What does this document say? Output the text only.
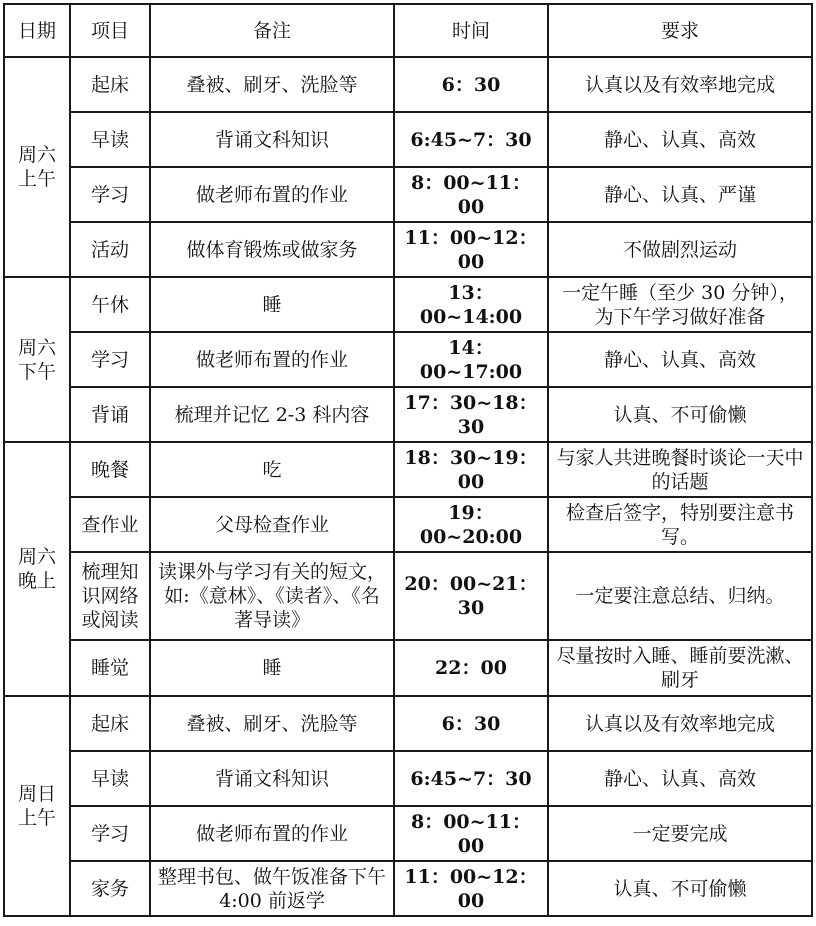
日期	项目	备注	时间	要求

周六
上午	起床	叠被、刷牙、洗脸等	6：30	认真以及有效率地完成
	早读	背诵文科知识	6:45~7：30	静心、认真、高效
	学习	做老师布置的作业	8：00~11：00	静心、认真、严谨
	活动	做体育锻炼或做家务	11：00~12：00	不做剧烈运动

周六
下午	午休	睡	13：00~14:00	一定午睡（至少 30 分钟），为下午学习做好准备
	学习	做老师布置的作业	14：00~17:00	静心、认真、高效
	背诵	梳理并记忆 2-3 科内容	17：30~18：30	认真、不可偷懒

周六
晚上	晚餐	吃	18：30~19：00	与家人共进晚餐时谈论一天中的话题
	查作业	父母检查作业	19：00~20:00	检查后签字，特别要注意书写。
	梳理知识网络或阅读	读课外与学习有关的短文，如:《意林》、《读者》、《名著导读》	20：00~21：30	一定要注意总结、归纳。
	睡觉	睡	22：00	尽量按时入睡、睡前要洗漱、刷牙

周日
上午	起床	叠被、刷牙、洗脸等	6：30	认真以及有效率地完成
	早读	背诵文科知识	6:45~7：30	静心、认真、高效
	学习	做老师布置的作业	8：00~11：00	一定要完成
	家务	整理书包、做午饭准备下午 4:00 前返学	11：00~12：00	认真、不可偷懒
